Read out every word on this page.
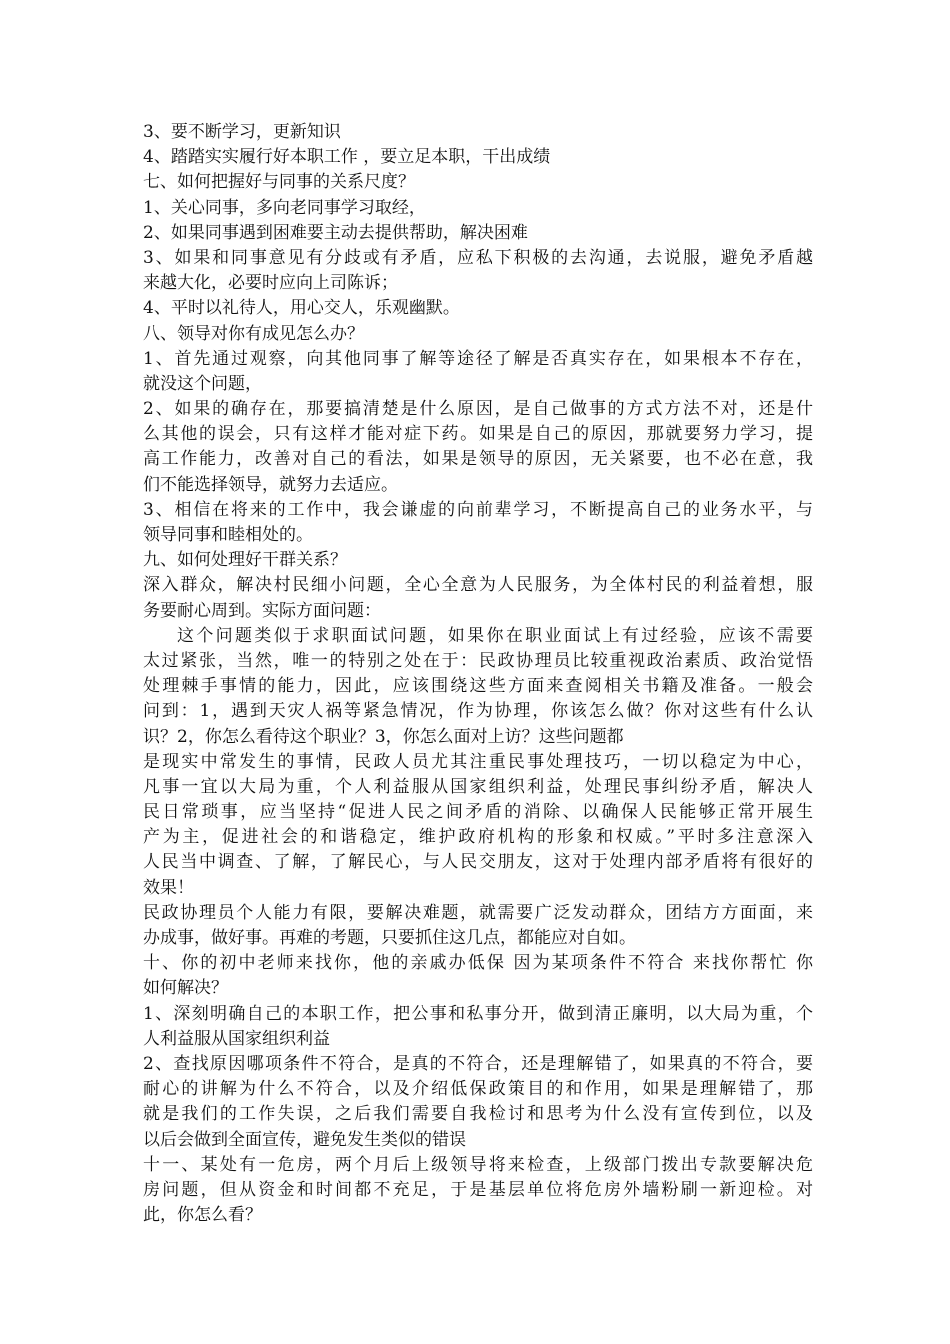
3、要不断学习，更新知识
4、踏踏实实履行好本职工作 ，要立足本职，干出成绩
七、如何把握好与同事的关系尺度？
1、关心同事，多向老同事学习取经，
2、如果同事遇到困难要主动去提供帮助，解决困难
3、如果和同事意见有分歧或有矛盾，应私下积极的去沟通，去说服，避免矛盾越
来越大化，必要时应向上司陈诉；
4、平时以礼待人，用心交人，乐观幽默。
八、领导对你有成见怎么办？
1、首先通过观察，向其他同事了解等途径了解是否真实存在，如果根本不存在，
就没这个问题，
2、如果的确存在，那要搞清楚是什么原因，是自己做事的方式方法不对，还是什
么其他的误会，只有这样才能对症下药。如果是自己的原因，那就要努力学习，提
高工作能力，改善对自己的看法，如果是领导的原因，无关紧要，也不必在意，我
们不能选择领导，就努力去适应。
3、相信在将来的工作中，我会谦虚的向前辈学习，不断提高自己的业务水平，与
领导同事和睦相处的。
九、如何处理好干群关系？
深入群众，解决村民细小问题，全心全意为人民服务，为全体村民的利益着想，服
务要耐心周到。实际方面问题：
这个问题类似于求职面试问题，如果你在职业面试上有过经验，应该不需要
太过紧张，当然，唯一的特别之处在于：民政协理员比较重视政治素质、政治觉悟
处理棘手事情的能力，因此，应该围绕这些方面来查阅相关书籍及准备。一般会
问到：1，遇到天灾人祸等紧急情况，作为协理，你该怎么做？你对这些有什么认
识？2，你怎么看待这个职业？3，你怎么面对上访？这些问题都
是现实中常发生的事情，民政人员尤其注重民事处理技巧，一切以稳定为中心，
凡事一宜以大局为重，个人利益服从国家组织利益，处理民事纠纷矛盾，解决人
民日常琐事，应当坚持“促进人民之间矛盾的消除、以确保人民能够正常开展生
产为主，促进社会的和谐稳定，维护政府机构的形象和权威。”平时多注意深入
人民当中调查、了解，了解民心，与人民交朋友，这对于处理内部矛盾将有很好的
效果！
民政协理员个人能力有限，要解决难题，就需要广泛发动群众，团结方方面面，来
办成事，做好事。再难的考题，只要抓住这几点，都能应对自如。
十、你的初中老师来找你，他的亲戚办低保 因为某项条件不符合 来找你帮忙 你
如何解决？
1、深刻明确自己的本职工作，把公事和私事分开，做到清正廉明，以大局为重，个
人利益服从国家组织利益
2、查找原因哪项条件不符合，是真的不符合，还是理解错了，如果真的不符合，要
耐心的讲解为什么不符合，以及介绍低保政策目的和作用，如果是理解错了，那
就是我们的工作失误，之后我们需要自我检讨和思考为什么没有宣传到位，以及
以后会做到全面宣传，避免发生类似的错误
十一、某处有一危房，两个月后上级领导将来检查，上级部门拨出专款要解决危
房问题，但从资金和时间都不充足，于是基层单位将危房外墙粉刷一新迎检。对
此，你怎么看？
